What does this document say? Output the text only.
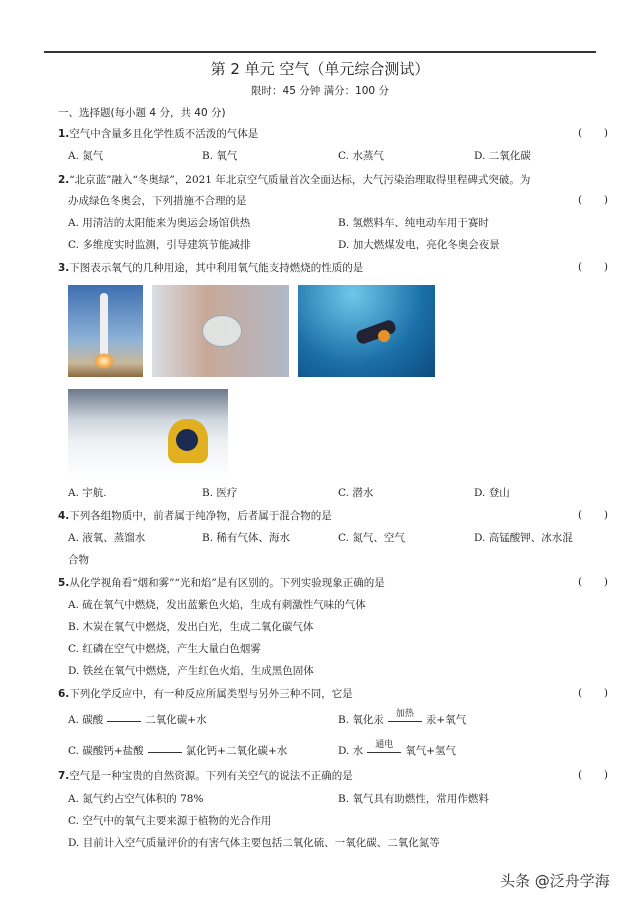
第 2 单元 空气（单元综合测试）
限时：45 分钟 满分：100 分
一、选择题(每小题 4 分，共 40 分)
1.空气中含量多且化学性质不活泼的气体是	( )
A. 氮气	B. 氧气	C. 水蒸气	D. 二氧化碳
2.“北京蓝”融入“冬奥绿”，2021 年北京空气质量首次全面达标，大气污染治理取得里程碑式突破。为
办成绿色冬奥会，下列措施不合理的是	( )
A. 用清洁的太阳能来为奥运会场馆供热	B. 氢燃料车、纯电动车用于赛时
C. 多维度实时监测，引导建筑节能减排	D. 加大燃煤发电，亮化冬奥会夜景
3.下图表示氧气的几种用途，其中利用氧气能支持燃烧的性质的是	( )
A. 宇航.	B. 医疗	C. 潜水	D. 登山
4.下列各组物质中，前者属于纯净物，后者属于混合物的是	( )
A. 液氧、蒸馏水	B. 稀有气体、海水	C. 氮气、空气	D. 高锰酸钾、冰水混
合物
5.从化学视角看“烟和雾”“光和焰”是有区别的。下列实验现象正确的是	( )
A. 硫在氧气中燃烧，发出蓝紫色火焰，生成有刺激性气味的气体
B. 木炭在氧气中燃烧，发出白光，生成二氧化碳气体
C. 红磷在空气中燃烧，产生大量白色烟雾
D. 铁丝在氧气中燃烧，产生红色火焰，生成黑色固体
6.下列化学反应中，有一种反应所属类型与另外三种不同，它是	( )
A. 碳酸	二氧化碳+水	B. 氧化汞	加热	汞+氧气
C. 碳酸钙+盐酸	氯化钙+二氧化碳+水	D. 水	通电	氧气+氢气
7.空气是一种宝贵的自然资源。下列有关空气的说法不正确的是	( )
A. 氮气约占空气体积的 78%	B. 氧气具有助燃性，常用作燃料
C. 空气中的氧气主要来源于植物的光合作用
D. 目前计入空气质量评价的有害气体主要包括二氧化硫、一氧化碳、二氧化氮等
头条 @泛舟学海
